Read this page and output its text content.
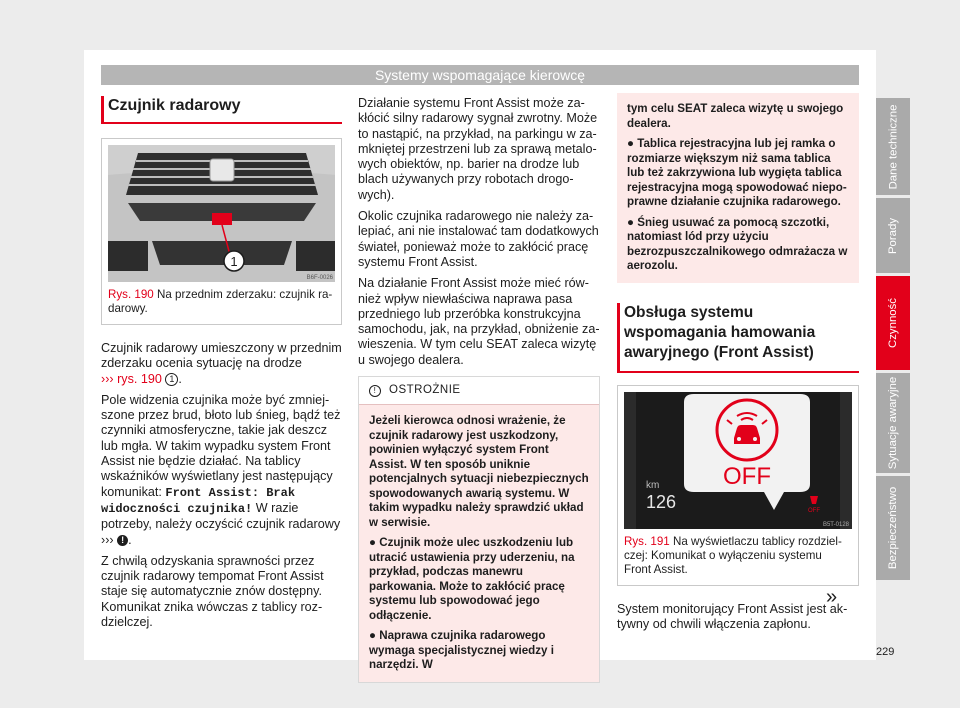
Systemy wspomagające kierowcę
Czujnik radarowy
1
B6F-0026
Rys. 190 Na przednim zderzaku: czujnik radarowy.

Czujnik radarowy umieszczony w przednim zderzaku ocenia sytuację na drodze
››› rys. 190 1 .

Pole widzenia czujnika może być zmniejszone przez brud, błoto lub śnieg, bądź też czynniki atmosferyczne, takie jak deszcz lub mgła. W takim wypadku system Front Assist nie będzie działać. Na tablicy wskaźników wyświetlany jest następujący komunikat: Front Assist: Brak widoczności czujnika! W razie potrzeby, należy oczyścić czujnik radarowy ››› ! .

Z chwilą odzyskania sprawności przez czujnik radarowy tempomat Front Assist staje się automatycznie znów dostępny. Komunikat znika wówczas z tablicy rozdzielczej.

Działanie systemu Front Assist może zakłócić silny radarowy sygnał zwrotny. Może to nastąpić, na przykład, na parkingu w zamkniętej przestrzeni lub za sprawą metalowych obiektów, np. barier na drodze lub blach używanych przy robotach drogowych).

Okolic czujnika radarowego nie należy zalepiać, ani nie instalować tam dodatkowych świateł, ponieważ może to zakłócić pracę systemu Front Assist.

Na działanie Front Assist może mieć również wpływ niewłaściwa naprawa pasa przedniego lub przeróbka konstrukcyjna samochodu, jak, na przykład, obniżenie zawieszenia. W tym celu SEAT zaleca wizytę u swojego dealera.

!	OSTROŻNIE

Jeżeli kierowca odnosi wrażenie, że czujnik radarowy jest uszkodzony, powinien wyłączyć system Front Assist. W ten sposób uniknie potencjalnych sytuacji niebezpiecznych spowodowanych awarią systemu. W takim wypadku należy sprawdzić układ w serwisie.

● Czujnik może ulec uszkodzeniu lub utracić ustawienia przy uderzeniu, na przykład, podczas manewru parkowania. Może to zakłócić pracę systemu lub spowodować jego odłączenie.

● Naprawa czujnika radarowego wymaga specjalistycznej wiedzy i narzędzi. W

tym celu SEAT zaleca wizytę u swojego dealera.

● Tablica rejestracyjna lub jej ramka o rozmiarze większym niż sama tablica lub też zakrzywiona lub wygięta tablica rejestracyjna mogą spowodować niepoprawne działanie czujnika radarowego.

● Śnieg usuwać za pomocą szczotki, natomiast lód przy użyciu bezrozpuszczalnikowego odmrażacza w aerozolu.

Obsługa systemu wspomagania hamowania awaryjnego (Front Assist)
OFF
km
126	OFF
B5T-0128
Rys. 191 Na wyświetlaczu tablicy rozdzielczej: Komunikat o wyłączeniu systemu Front Assist.

System monitorujący Front Assist jest aktywny od chwili włączenia zapłonu.

»
Dane techniczne
Porady
Czynność
Sytuacje awaryjne
Bezpieczeństwo
229
